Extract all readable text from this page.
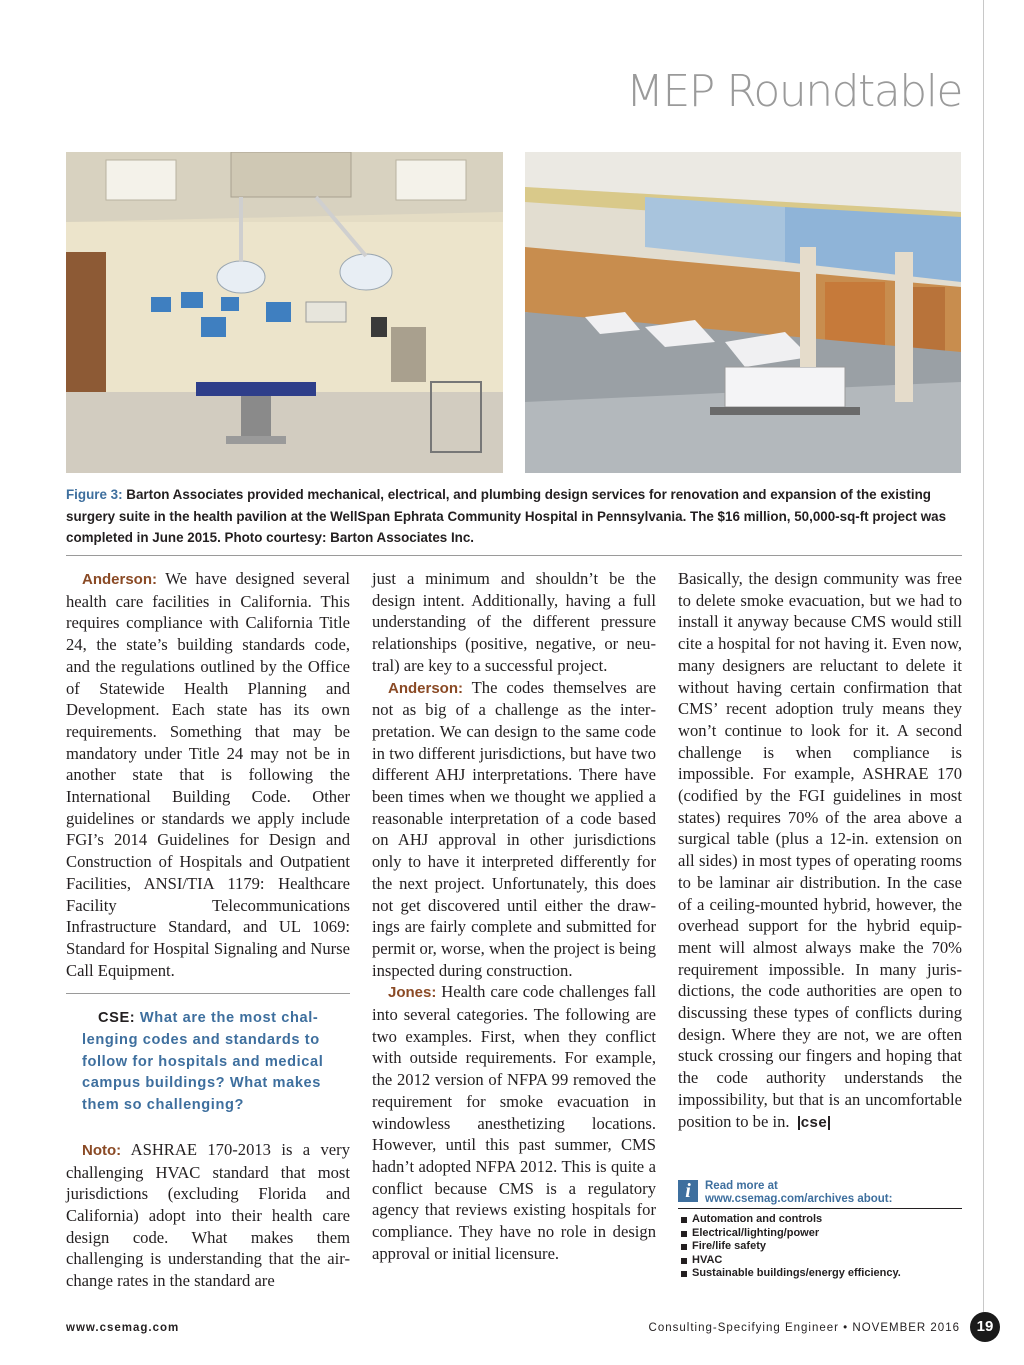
MEP Roundtable

Figure 3: Barton Associates provided mechanical, electrical, and plumbing design services for renovation and expansion of the existing surgery suite in the health pavilion at the WellSpan Ephrata Community Hospital in Pennsylvania. The $16 million, 50,000-sq-ft project was completed in June 2015. Photo courtesy: Barton Associates Inc.

Anderson: We have designed several health care facilities in California. This requires compliance with California Title 24, the state’s building standards code, and the regulations outlined by the Office of Statewide Health Planning and Development. Each state has its own requirements. Something that may be mandatory under Title 24 may not be in another state that is following the International Building Code. Other guidelines or standards we apply include FGI’s 2014 Guidelines for Design and Construction of Hospitals and Outpatient Facilities, ANSI/TIA 1179: Healthcare Facility Telecommunications Infrastructure Standard, and UL 1069: Standard for Hospital Signaling and Nurse Call Equipment.

CSE: What are the most challenging codes and standards to follow for hospitals and medical campus buildings? What makes them so challenging?

Noto: ASHRAE 170-2013 is a very challenging HVAC standard that most jurisdictions (excluding Florida and California) adopt into their health care design code. What makes them challenging is understanding that the air-change rates in the standard are

just a minimum and shouldn’t be the design intent. Additionally, having a full understanding of the different pressure relationships (positive, negative, or neutral) are key to a successful project.

Anderson: The codes themselves are not as big of a challenge as the interpretation. We can design to the same code in two different jurisdictions, but have two different AHJ interpretations. There have been times when we thought we applied a reasonable interpretation of a code based on AHJ approval in other jurisdictions only to have it interpreted differently for the next project. Unfortunately, this does not get discovered until either the drawings are fairly complete and submitted for permit or, worse, when the project is being inspected during construction.

Jones: Health care code challenges fall into several categories. The following are two examples. First, when they conflict with outside requirements. For example, the 2012 version of NFPA 99 removed the requirement for smoke evacuation in windowless anesthetizing locations. However, until this past summer, CMS hadn’t adopted NFPA 2012. This is quite a conflict because CMS is a regulatory agency that reviews existing hospitals for compliance. They have no role in design approval or initial licensure.

Basically, the design community was free to delete smoke evacuation, but we had to install it anyway because CMS would still cite a hospital for not having it. Even now, many designers are reluctant to delete it without having certain confirmation that CMS’ recent adoption truly means they won’t continue to look for it. A second challenge is when compliance is impossible. For example, ASHRAE 170 (codified by the FGI guidelines in most states) requires 70% of the area above a surgical table (plus a 12-in. extension on all sides) in most types of operating rooms to be laminar air distribution. In the case of a ceiling-mounted hybrid, however, the overhead support for the hybrid equipment will almost always make the 70% requirement impossible. In many jurisdictions, the code authorities are open to discussing these types of conflicts during design. Where they are not, we are often stuck crossing our fingers and hoping that the code authority understands the impossibility, but that is an uncomfortable position to be in. cse

i	Read more at
www.csemag.com/archives about:
Automation and controls
Electrical/lighting/power
Fire/life safety
HVAC
Sustainable buildings/energy efficiency.
www.csemag.com	Consulting-Specifying Engineer • NOVEMBER 2016	19
